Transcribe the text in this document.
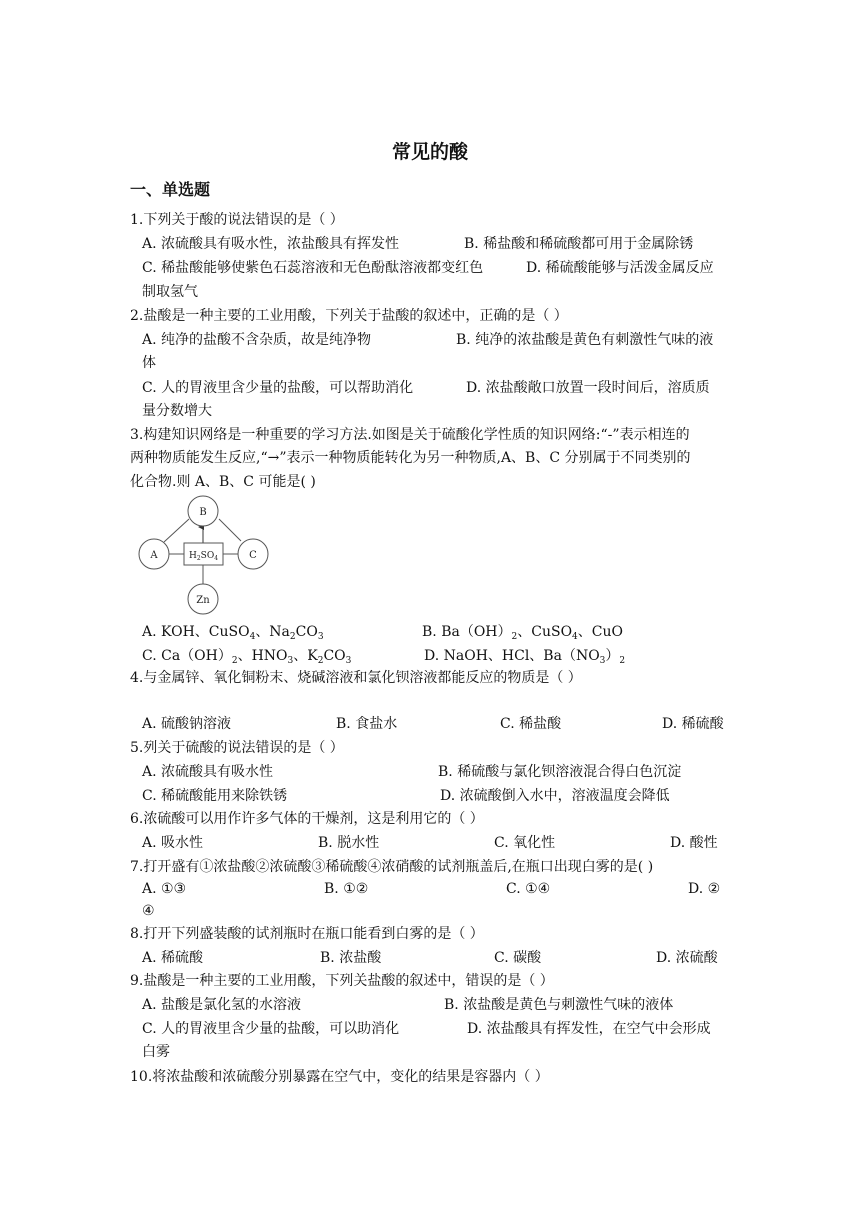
常见的酸
一、单选题
1.下列关于酸的说法错误的是（ ）
A. 浓硫酸具有吸水性，浓盐酸具有挥发性	B. 稀盐酸和稀硫酸都可用于金属除锈
C. 稀盐酸能够使紫色石蕊溶液和无色酚酞溶液都变红色	D. 稀硫酸能够与活泼金属反应
制取氢气
2.盐酸是一种主要的工业用酸，下列关于盐酸的叙述中，正确的是（ ）
A. 纯净的盐酸不含杂质，故是纯净物	B. 纯净的浓盐酸是黄色有刺激性气味的液
体
C. 人的胃液里含少量的盐酸，可以帮助消化	D. 浓盐酸敞口放置一段时间后，溶质质
量分数增大
3.构建知识网络是一种重要的学习方法.如图是关于硫酸化学性质的知识网络:“-”表示相连的
两种物质能发生反应,“→”表示一种物质能转化为另一种物质,A、B、C 分别属于不同类别的
化合物.则 A、B、C 可能是( )
B
A	C
$H_2SO_4$
Zn
A. KOH、CuSO$_4$、$Na_2CO_3$	B. $Ba(OH)_2$、CuSO$_4$、CuO
C. $Ca(OH)_2$、$HNO_3$、$K_2CO_3$	D. NaOH、HCl、$Ba(NO_3)_2$
4.与金属锌、氧化铜粉末、烧碱溶液和氯化钡溶液都能反应的物质是（ ）
A. 硫酸钠溶液	B. 食盐水	C. 稀盐酸	D. 稀硫酸
5.列关于硫酸的说法错误的是（ ）
A. 浓硫酸具有吸水性	B. 稀硫酸与氯化钡溶液混合得白色沉淀
C. 稀硫酸能用来除铁锈	D. 浓硫酸倒入水中，溶液温度会降低
6.浓硫酸可以用作许多气体的干燥剂，这是利用它的（ ）
A. 吸水性	B. 脱水性	C. 氧化性	D. 酸性
7.打开盛有①浓盐酸②浓硫酸③稀硫酸④浓硝酸的试剂瓶盖后,在瓶口出现白雾的是( )
A. ①③	B. ①②	C. ①④	D. ②
④
8.打开下列盛装酸的试剂瓶时在瓶口能看到白雾的是（ ）
A. 稀硫酸	B. 浓盐酸	C. 碳酸	D. 浓硫酸
9.盐酸是一种主要的工业用酸，下列关盐酸的叙述中，错误的是（ ）
A. 盐酸是氯化氢的水溶液	B. 浓盐酸是黄色与刺激性气味的液体
C. 人的胃液里含少量的盐酸，可以助消化	D. 浓盐酸具有挥发性，在空气中会形成
白雾
10.将浓盐酸和浓硫酸分别暴露在空气中，变化的结果是容器内（ ）
